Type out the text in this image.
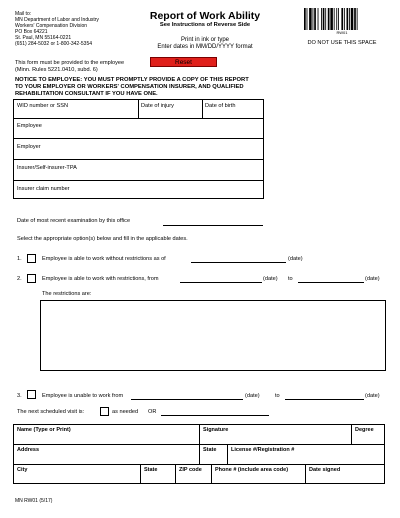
Mail to:
MN Department of Labor and Industry
Workers' Compensation Division
PO Box 64221
St. Paul, MN 55164-0221
(651) 284-5032 or 1-800-342-5354
Report of Work Ability
See Instructions of Reverse Side
Print in ink or type
Enter dates in MM/DD/YYYY format
RW01
DO NOT USE THIS SPACE
This form must be provided to the employee
(Minn. Rules 5221.0410, subd. 6)
Reset
NOTICE TO EMPLOYEE: YOU MUST PROMPTLY PROVIDE A COPY OF THIS REPORT
TO YOUR EMPLOYER OR WORKERS' COMPENSATION INSURER, AND QUALIFIED
REHABILITATION CONSULTANT IF YOU HAVE ONE.
WID number or SSN	Date of injury	Date of birth
Employee
Employer
Insurer/Self-insurer-TPA
Insurer claim number
Date of most recent examination by this office
Select the appropriate option(s) below and fill in the applicable dates.
1.	Employee is able to work without restrictions as of	(date)
2.	Employee is able to work with restrictions, from	(date) to	(date)
The restrictions are:
3.	Employee is unable to work from	(date)	to	(date)
The next scheduled visit is:	as needed OR
Name (Type or Print)	Signature	Degree
Address	State	License #/Registration #
City	State	ZIP code	Phone # (include area code)	Date signed
MN RW01 (5/17)
